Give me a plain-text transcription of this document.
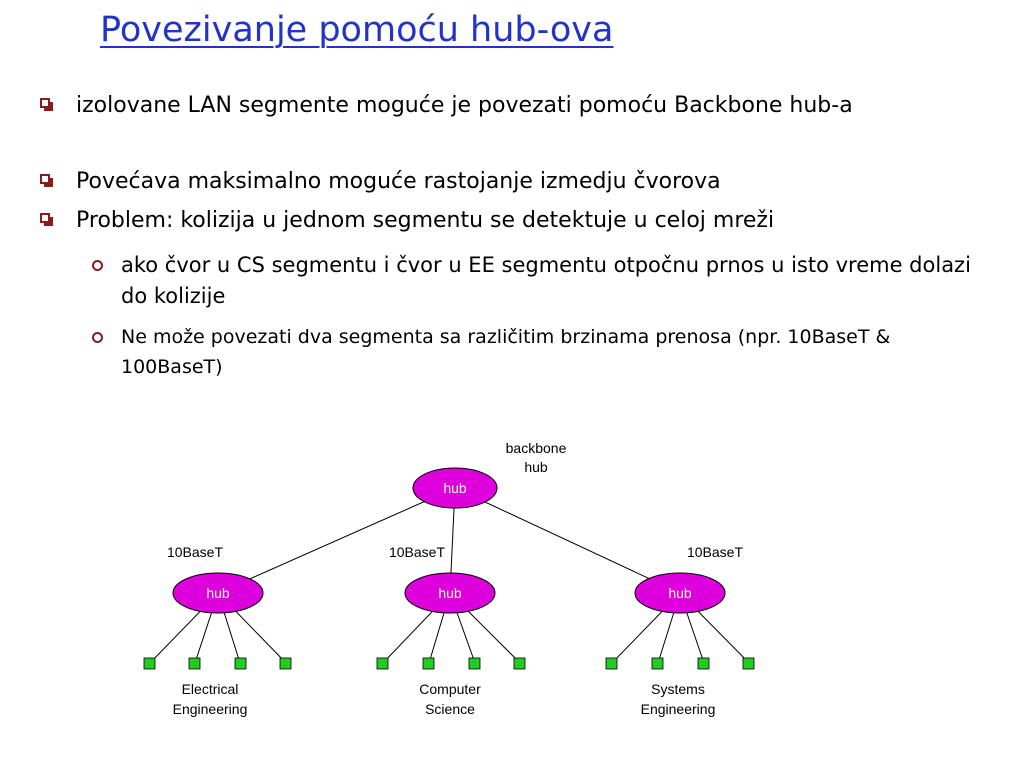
Povezivanje pomoću hub-ova
izolovane LAN segmente moguće je povezati pomoću Backbone hub-a
Povećava maksimalno moguće rastojanje izmedju čvorova
Problem: kolizija u jednom segmentu se detektuje u celoj mreži
ako čvor u CS segmentu i čvor u EE segmentu otpočnu prnos u isto vreme dolazi do kolizije
Ne može povezati dva segmenta sa različitim brzinama prenosa (npr. 10BaseT & 100BaseT)
hub
backbone
hub
hub	hub	hub
10BaseT	10BaseT	10BaseT
Electrical
Engineering
Computer
Science
Systems
Engineering
